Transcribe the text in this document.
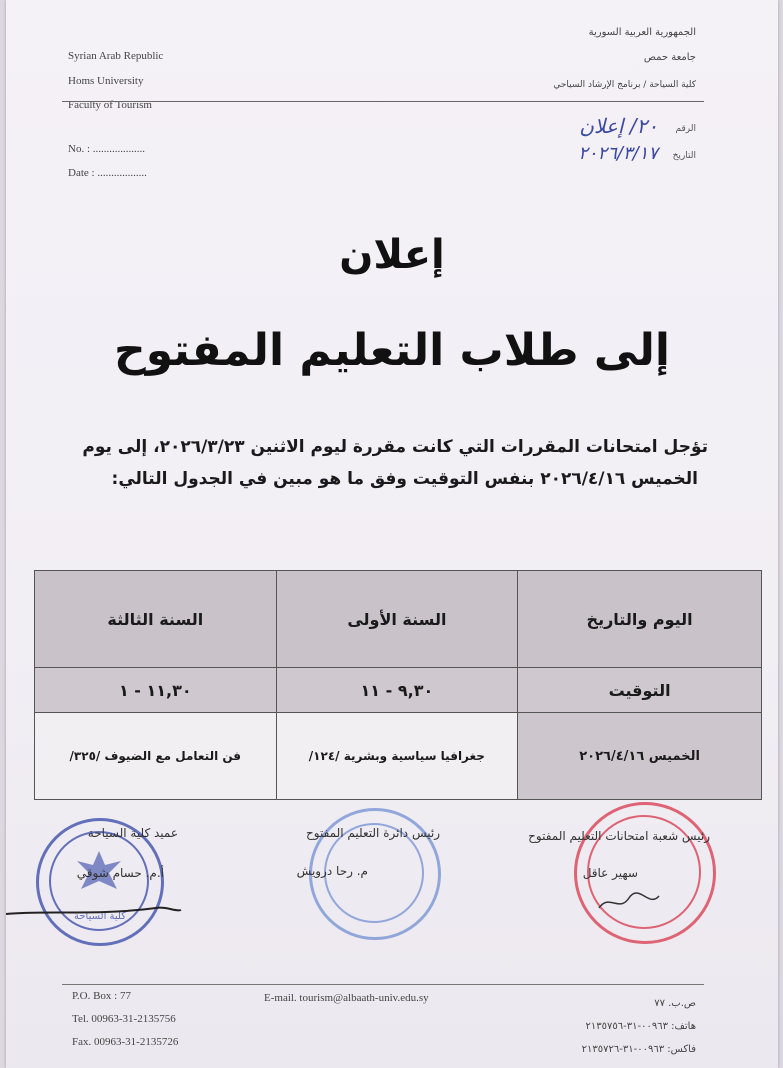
Syrian Arab Republic
Homs University
Faculty of Tourism
الجمهورية العربية السورية
جامعة حمص
كلية السياحة / برنامج الإرشاد السياحي
No. : ...................
Date : ..................
الرقم
٢٠/ إعلان
التاريخ
٢٠٢٦/٣/١٧
إعلان
إلى طلاب التعليم المفتوح
تؤجل امتحانات المقررات التي كانت مقررة ليوم الاثنين ٢٠٢٦/٣/٢٣، إلى يوم
الخميس ٢٠٢٦/٤/١٦ بنفس التوقيت وفق ما هو مبين في الجدول التالي:
اليوم والتاريخ	السنة الأولى	السنة الثالثة
التوقيت	٩,٣٠ - ١١	١١,٣٠ - ١
الخميس ٢٠٢٦/٤/١٦	جغرافيا سياسية وبشرية /١٢٤/	فن التعامل مع الضيوف /٣٢٥/
كلية السياحة
رئيس شعبة امتحانات التعليم المفتوح
سهير عاقل
رئيس دائرة التعليم المفتوح
م. رحا درويش
عميد كلية السياحة
أ.م. حسام شوقي
P.O. Box : 77
Tel. 00963-31-2135756
Fax. 00963-31-2135726
E-mail. tourism@albaath-univ.edu.sy	ص.ب. ٧٧
هاتف: ٠٠٩٦٣-٣١-٢١٣٥٧٥٦
فاكس: ٠٠٩٦٣-٣١-٢١٣٥٧٢٦
